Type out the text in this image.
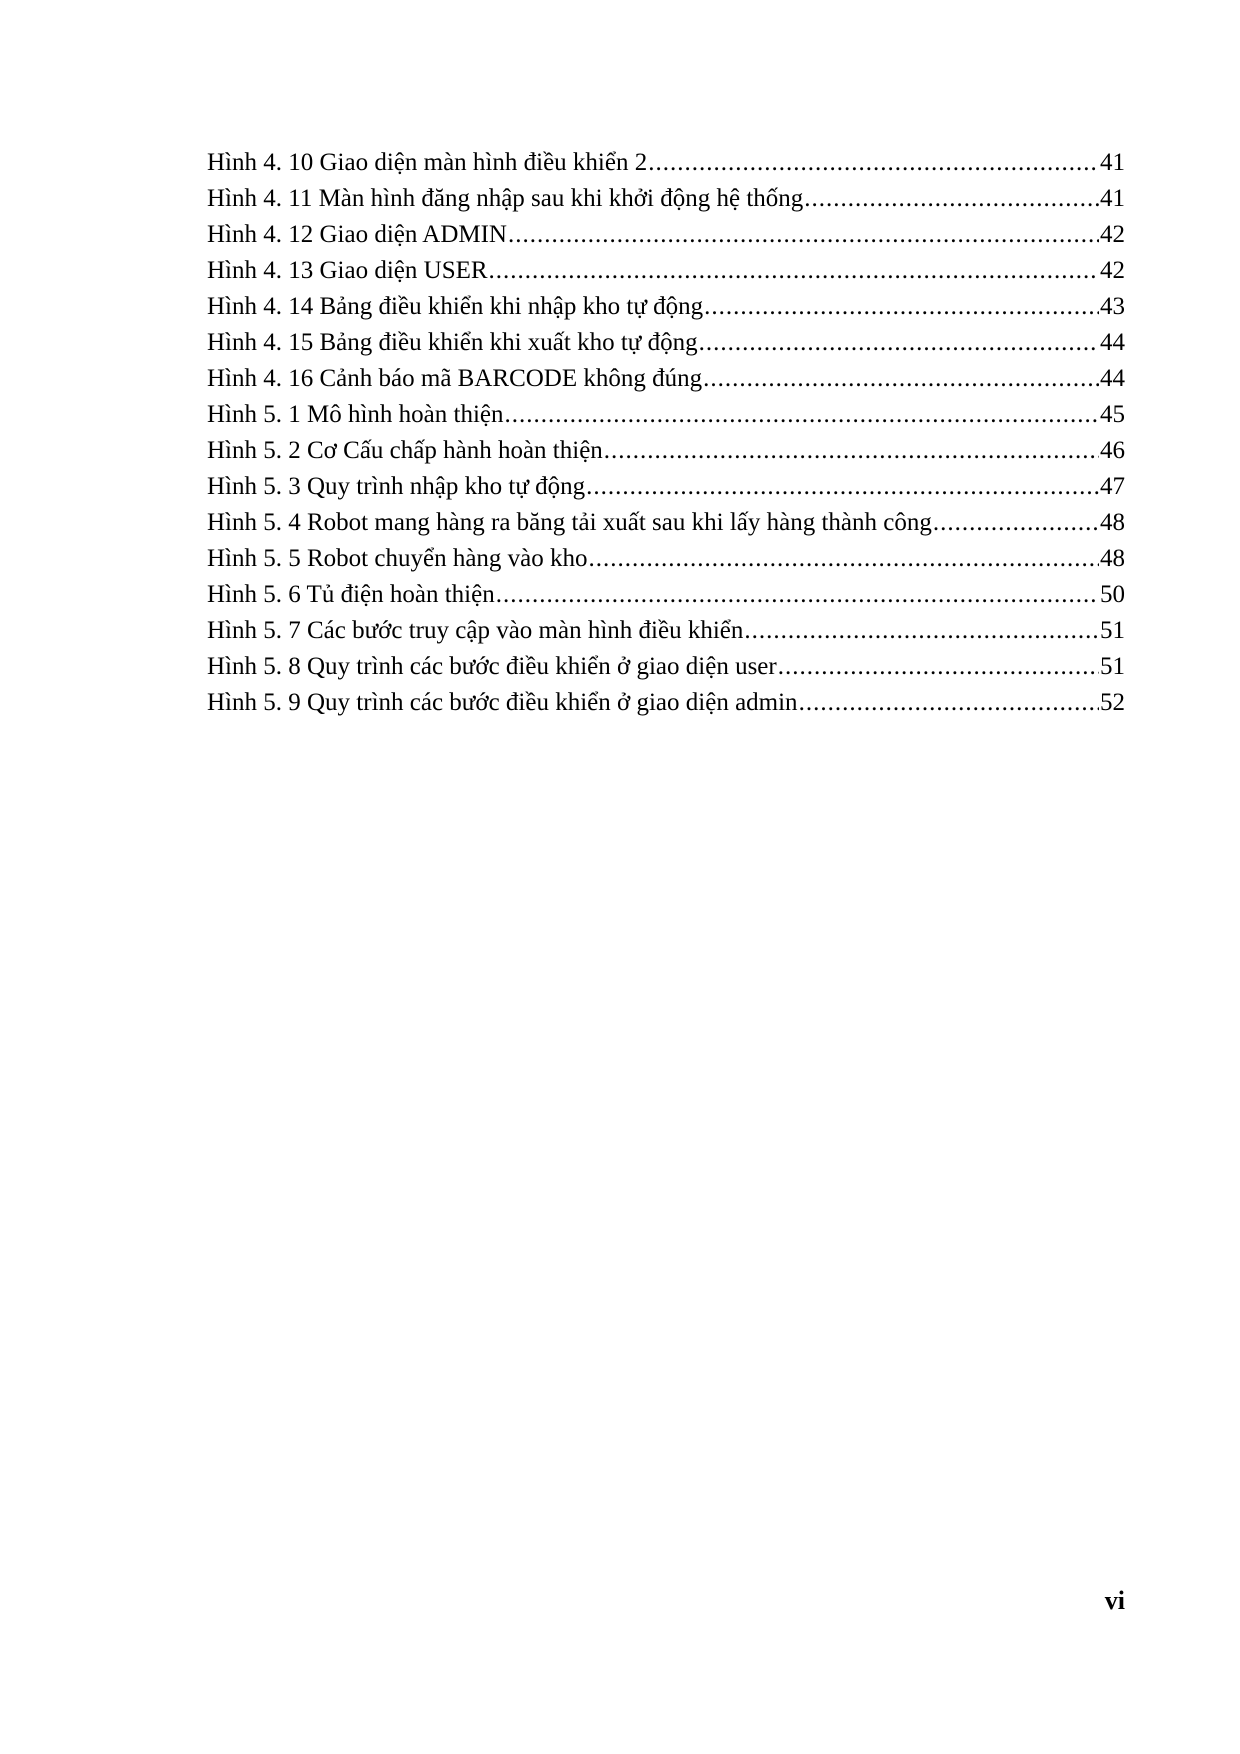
Hình 4. 10 Giao diện màn hình điều khiển 2 .....	41
Hình 4. 11 Màn hình đăng nhập sau khi khởi động hệ thống .....	41
Hình 4. 12 Giao diện ADMIN .....	42
Hình 4. 13 Giao diện USER .....	42
Hình 4. 14 Bảng điều khiển khi nhập kho tự động .....	43
Hình 4. 15 Bảng điều khiển khi xuất kho tự động .....	44
Hình 4. 16 Cảnh báo mã BARCODE không đúng .....	44
Hình 5. 1 Mô hình hoàn thiện .....	45
Hình 5. 2 Cơ Cấu chấp hành hoàn thiện .....	46
Hình 5. 3 Quy trình nhập kho tự động .....	47
Hình 5. 4 Robot mang hàng ra băng tải xuất sau khi lấy hàng thành công .....	48
Hình 5. 5 Robot chuyển hàng vào kho .....	48
Hình 5. 6 Tủ điện hoàn thiện .....	50
Hình 5. 7 Các bước truy cập vào màn hình điều khiển .....	51
Hình 5. 8 Quy trình các bước điều khiển ở giao diện user .....	51
Hình 5. 9 Quy trình các bước điều khiển ở giao diện admin .....	52
vi
